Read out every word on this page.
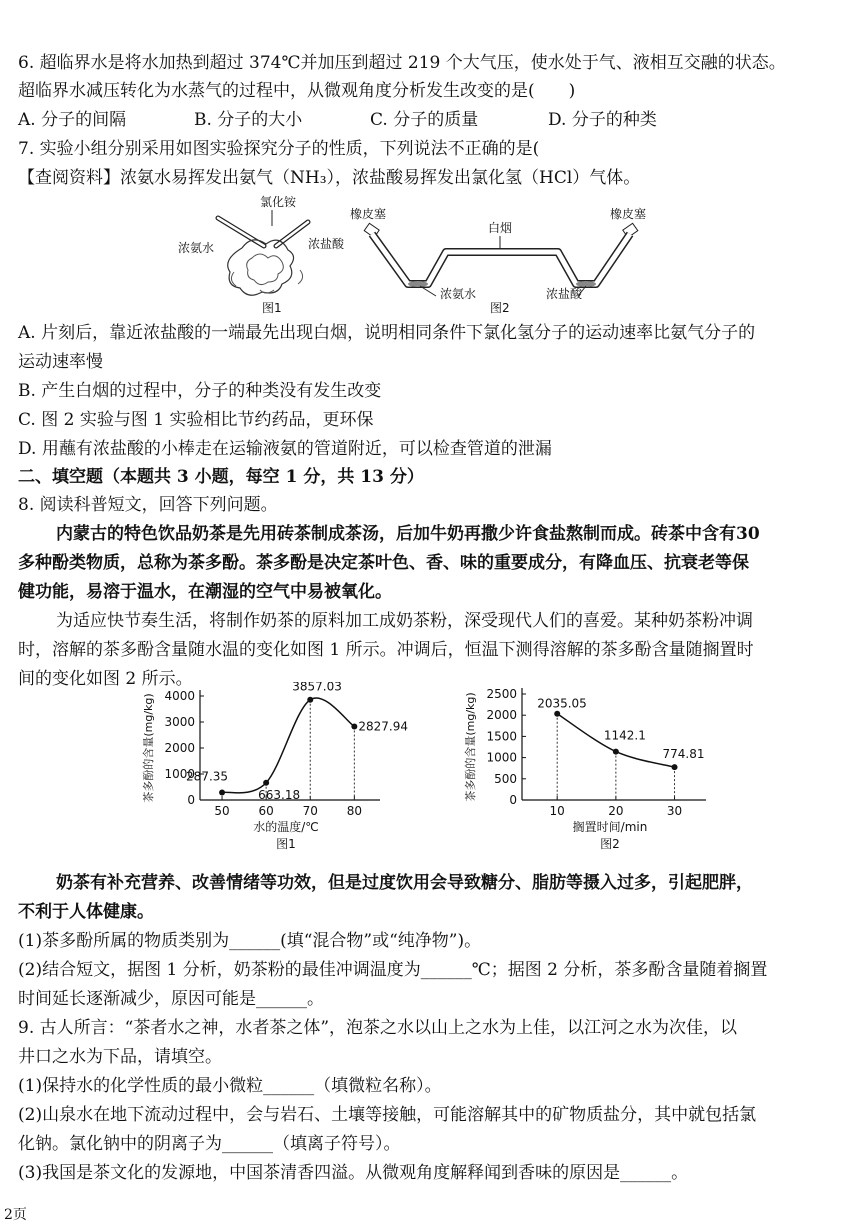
6. 超临界水是将水加热到超过 374℃并加压到超过 219 个大气压，使水处于气、液相互交融的状态。
超临界水减压转化为水蒸气的过程中，从微观角度分析发生改变的是(　　)
A. 分子的间隔	B. 分子的大小	C. 分子的质量	D. 分子的种类
7. 实验小组分别采用如图实验探究分子的性质，下列说法不正确的是(
【查阅资料】浓氨水易挥发出氨气（NH₃），浓盐酸易挥发出氯化氢（HCl）气体。
氯化铵
浓氨水	浓盐酸
图1
橡皮塞
白烟
橡皮塞
浓氨水	浓盐酸
图2
A. 片刻后，靠近浓盐酸的一端最先出现白烟，说明相同条件下氯化氢分子的运动速率比氨气分子的
运动速率慢
B. 产生白烟的过程中，分子的种类没有发生改变
C. 图 2 实验与图 1 实验相比节约药品，更环保
D. 用蘸有浓盐酸的小棒走在运输液氨的管道附近，可以检查管道的泄漏
二、填空题（本题共 3 小题，每空 1 分，共 13 分）
8. 阅读科普短文，回答下列问题。
内蒙古的特色饮品奶茶是先用砖茶制成茶汤，后加牛奶再撒少许食盐熬制而成。砖茶中含有30
多种酚类物质，总称为茶多酚。茶多酚是决定茶叶色、香、味的重要成分，有降血压、抗衰老等保
健功能，易溶于温水，在潮湿的空气中易被氧化。
为适应快节奏生活，将制作奶茶的原料加工成奶茶粉，深受现代人们的喜爱。某种奶茶粉冲调
时，溶解的茶多酚含量随水温的变化如图 1 所示。冲调后，恒温下测得溶解的茶多酚含量随搁置时
间的变化如图 2 所示。
0
1000
2000
3000
4000
50 60 70 80
287.35
663.18
3857.03
2827.94
茶多酚的含量(mg/kg)
水的温度/℃
图1
0
500
1000
1500
2000
2500
10	20	30
2035.05
1142.1
774.81
茶多酚的含量(mg/kg)
搁置时间/min
图2
奶茶有补充营养、改善情绪等功效，但是过度饮用会导致糖分、脂肪等摄入过多，引起肥胖，
不利于人体健康。
(1)茶多酚所属的物质类别为______(填“混合物”或“纯净物”)。
(2)结合短文，据图 1 分析，奶茶粉的最佳冲调温度为______℃；据图 2 分析，茶多酚含量随着搁置
时间延长逐渐减少，原因可能是______。
9. 古人所言：“茶者水之神，水者茶之体”，泡茶之水以山上之水为上佳，以江河之水为次佳，以
井口之水为下品，请填空。
(1)保持水的化学性质的最小微粒______（填微粒名称）。
(2)山泉水在地下流动过程中，会与岩石、土壤等接触，可能溶解其中的矿物质盐分，其中就包括氯
化钠。氯化钠中的阴离子为______（填离子符号）。
(3)我国是茶文化的发源地，中国茶清香四溢。从微观角度解释闻到香味的原因是______。
2页
